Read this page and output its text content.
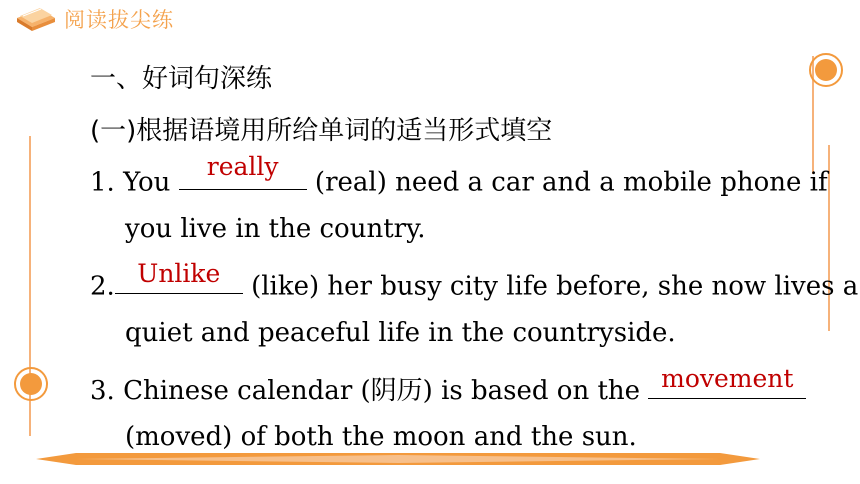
阅读拔尖练
一、好词句深练
(一)根据语境用所给单词的适当形式填空
1. You
really
(real) need a car and a mobile phone if
you live in the country.
2. Unlike	(like) her busy city life before, she now lives a
quiet and peaceful life in the countryside.
3. Chinese calendar (阴历) is based on the movement
(moved) of both the moon and the sun.
